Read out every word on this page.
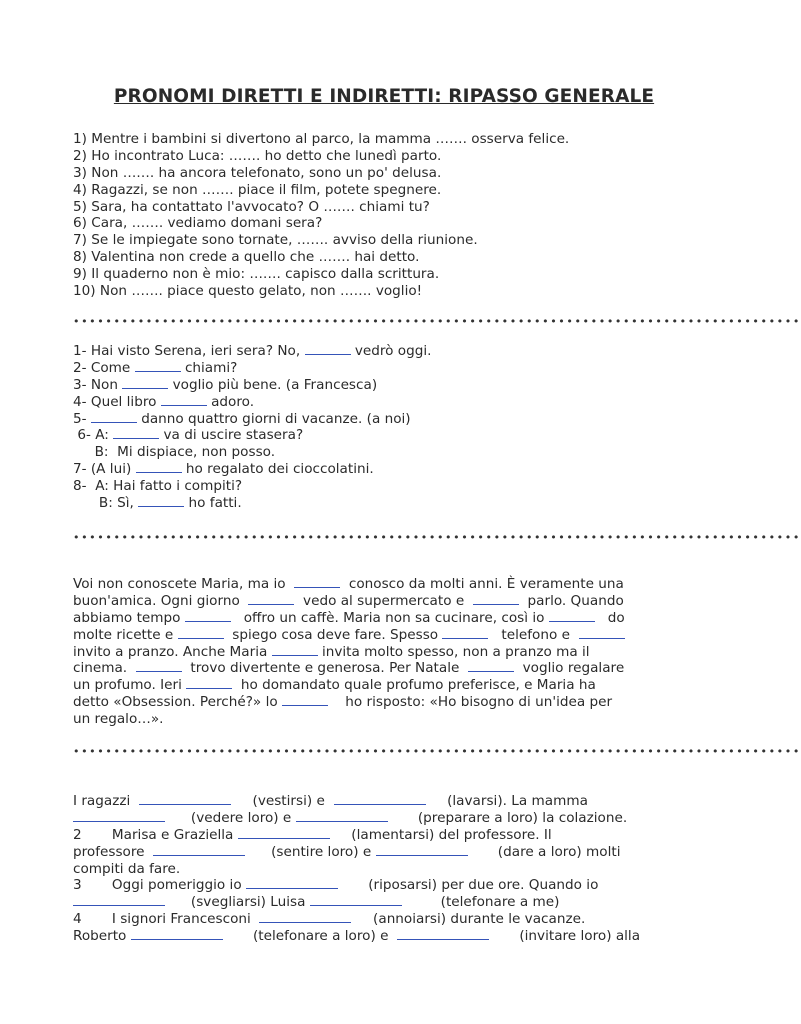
PRONOMI DIRETTI E INDIRETTI: RIPASSO GENERALE
1) Mentre i bambini si divertono al parco, la mamma ……. osserva felice.
2) Ho incontrato Luca: ……. ho detto che lunedì parto.
3) Non ……. ha ancora telefonato, sono un po' delusa.
4) Ragazzi, se non ……. piace il film, potete spegnere.
5) Sara, ha contattato l'avvocato? O ……. chiami tu?
6) Cara, ……. vediamo domani sera?
7) Se le impiegate sono tornate, ……. avviso della riunione.
8) Valentina non crede a quello che ……. hai detto.
9) Il quaderno non è mio: ……. capisco dalla scrittura.
10) Non ……. piace questo gelato, non ……. voglio!
••••••••••••••••••••••••••••••••••••••••••••••••••••••••••••••••••••••••••••••••••••••••••
1- Hai visto Serena, ieri sera? No,	vedrò oggi.
2- Come	chiami?
3- Non	voglio più bene. (a Francesca)
4- Quel libro	adoro.
5-	danno quattro giorni di vacanze. (a noi)
6- A:	va di uscire stasera?
B:  Mi dispiace, non posso.
7- (A lui)	ho regalato dei cioccolatini.
8-  A: Hai fatto i compiti?
B: Sì,	ho fatti.
••••••••••••••••••••••••••••••••••••••••••••••••••••••••••••••••••••••••••••••••••••••••••
Voi non conoscete Maria, ma io	conosco da molti anni. È veramente una
buon'amica. Ogni giorno	vedo al supermercato e	parlo. Quando
abbiamo tempo	offro un caffè. Maria non sa cucinare, così io	do
molte ricette e	spiego cosa deve fare. Spesso	telefono e
invito a pranzo. Anche Maria	invita molto spesso, non a pranzo ma il
cinema.	trovo divertente e generosa. Per Natale	voglio regalare
un profumo. Ieri	ho domandato quale profumo preferisce, e Maria ha
detto «Obsession. Perché?» lo	ho risposto: «Ho bisogno di un'idea per
un regalo…».
••••••••••••••••••••••••••••••••••••••••••••••••••••••••••••••••••••••••••••••••••••••••••
I ragazzi	(vestirsi) e	(lavarsi). La mamma
(vedere loro) e	(preparare a loro) la colazione.
2       Marisa e Graziella	(lamentarsi) del professore. Il
professore	(sentire loro) e	(dare a loro) molti
compiti da fare.
3       Oggi pomeriggio io	(riposarsi) per due ore. Quando io
(svegliarsi) Luisa	(telefonare a me)
4       I signori Francesconi	(annoiarsi) durante le vacanze.
Roberto	(telefonare a loro) e	(invitare loro) alla
